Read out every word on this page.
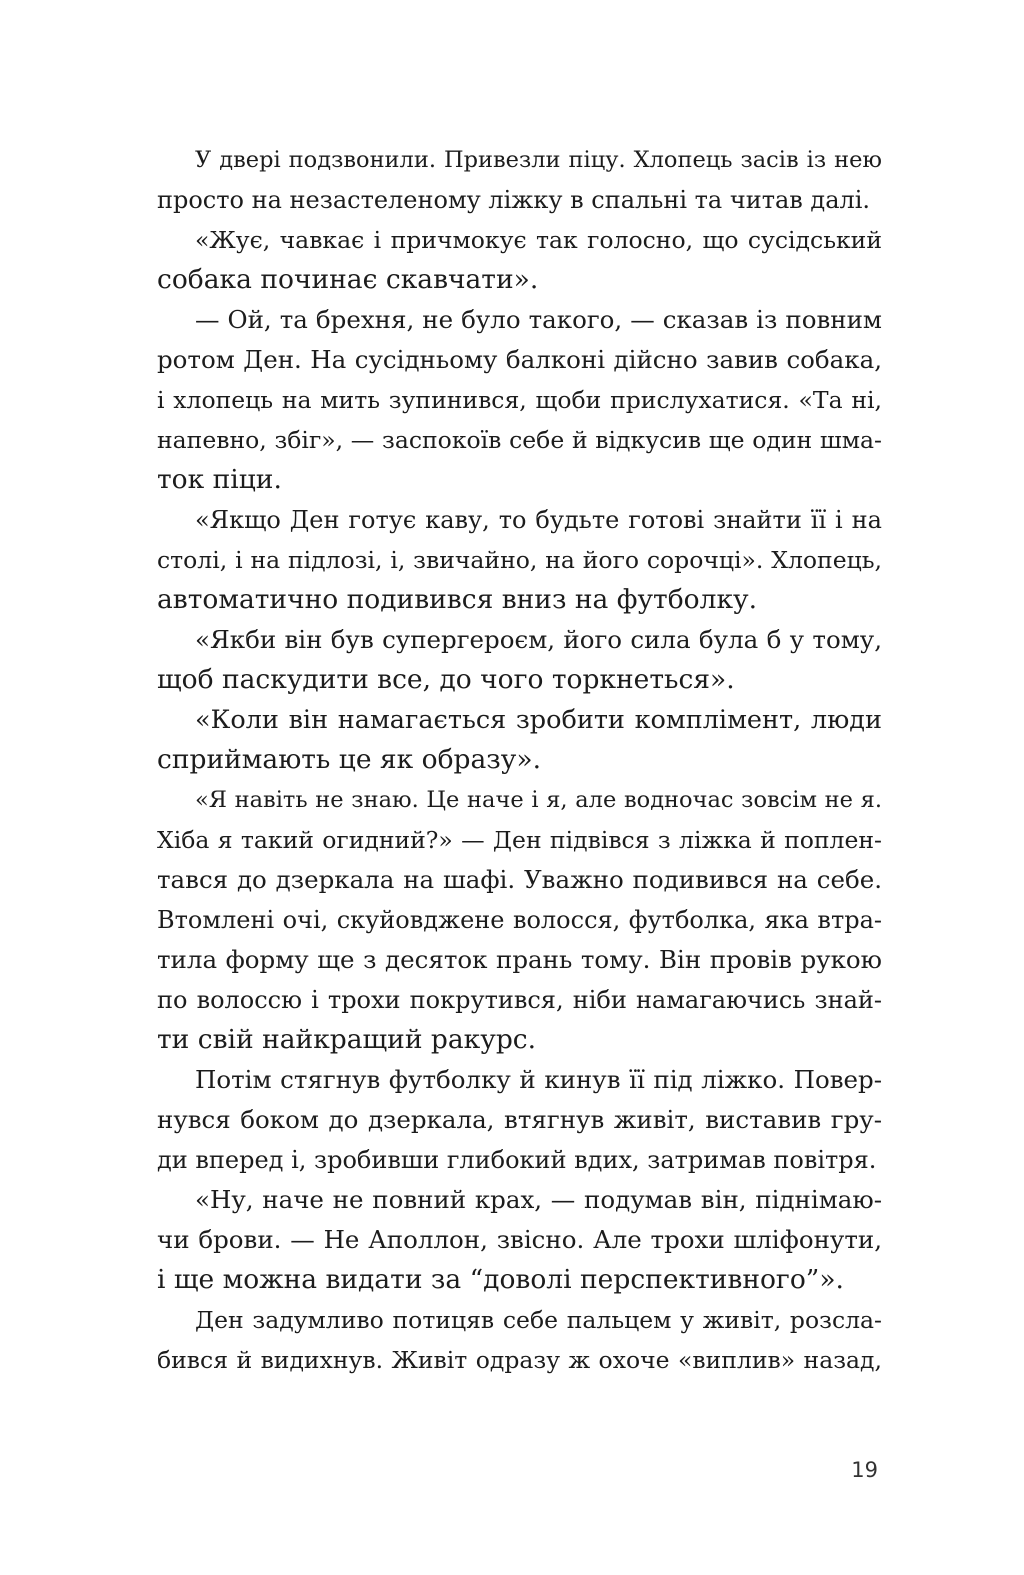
У двері подзвонили. Привезли піцу. Хлопець засів із нею
просто на незастеленому ліжку в спальні та читав далі.
«Жує, чавкає і причмокує так голосно, що сусідський
собака починає скавчати».
— Ой, та брехня, не було такого, — сказав із повним
ротом Ден. На сусідньому балконі дійсно завив собака,
і хлопець на мить зупинився, щоби прислухатися. «Та ні,
напевно, збіг», — заспокоїв себе й відкусив ще один шма-
ток піци.
«Якщо Ден готує каву, то будьте готові знайти її і на
столі, і на підлозі, і, звичайно, на його сорочці». Хлопець,
автоматично подивився вниз на футболку.
«Якби він був супергероєм, його сила була б у тому,
щоб паскудити все, до чого торкнеться».
«Коли він намагається зробити комплімент, люди
сприймають це як образу».
«Я навіть не знаю. Це наче і я, але водночас зовсім не я.
Хіба я такий огидний?» — Ден підвівся з ліжка й поплен-
тався до дзеркала на шафі. Уважно подивився на себе.
Втомлені очі, скуйовджене волосся, футболка, яка втра-
тила форму ще з десяток прань тому. Він провів рукою
по волоссю і трохи покрутився, ніби намагаючись знай-
ти свій найкращий ракурс.
Потім стягнув футболку й кинув її під ліжко. Повер-
нувся боком до дзеркала, втягнув живіт, виставив гру-
ди вперед і, зробивши глибокий вдих, затримав повітря.
«Ну, наче не повний крах, — подумав він, піднімаю-
чи брови. — Не Аполлон, звісно. Але трохи шліфонути,
і ще можна видати за “доволі перспективного”».
Ден задумливо потицяв себе пальцем у живіт, розсла-
бився й видихнув. Живіт одразу ж охоче «виплив» назад,
19
